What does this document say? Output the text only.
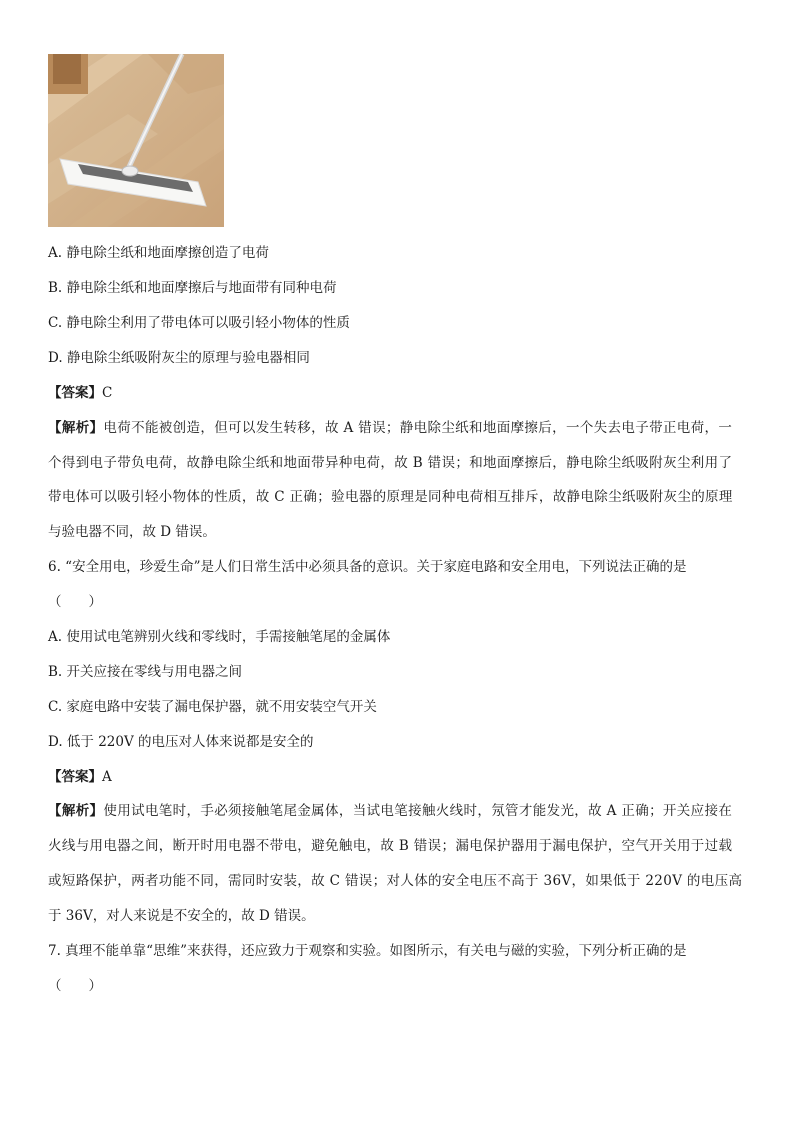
A. 静电除尘纸和地面摩擦创造了电荷
B. 静电除尘纸和地面摩擦后与地面带有同种电荷
C. 静电除尘利用了带电体可以吸引轻小物体的性质
D. 静电除尘纸吸附灰尘的原理与验电器相同
【答案】C
【解析】电荷不能被创造，但可以发生转移，故 A 错误；静电除尘纸和地面摩擦后，一个失去电子带正电荷，一
个得到电子带负电荷，故静电除尘纸和地面带异种电荷，故 B 错误；和地面摩擦后，静电除尘纸吸附灰尘利用了
带电体可以吸引轻小物体的性质，故 C 正确；验电器的原理是同种电荷相互排斥，故静电除尘纸吸附灰尘的原理
与验电器不同，故 D 错误。
6. “安全用电，珍爱生命”是人们日常生活中必须具备的意识。关于家庭电路和安全用电，下列说法正确的是
（　　）
A. 使用试电笔辨别火线和零线时，手需接触笔尾的金属体
B. 开关应接在零线与用电器之间
C. 家庭电路中安装了漏电保护器，就不用安装空气开关
D. 低于 220V 的电压对人体来说都是安全的
【答案】A
【解析】使用试电笔时，手必须接触笔尾金属体，当试电笔接触火线时，氖管才能发光，故 A 正确；开关应接在
火线与用电器之间，断开时用电器不带电，避免触电，故 B 错误；漏电保护器用于漏电保护，空气开关用于过载
或短路保护，两者功能不同，需同时安装，故 C 错误；对人体的安全电压不高于 36V，如果低于 220V 的电压高
于 36V，对人来说是不安全的，故 D 错误。
7. 真理不能单靠“思维”来获得，还应致力于观察和实验。如图所示，有关电与磁的实验，下列分析正确的是
（　　）
